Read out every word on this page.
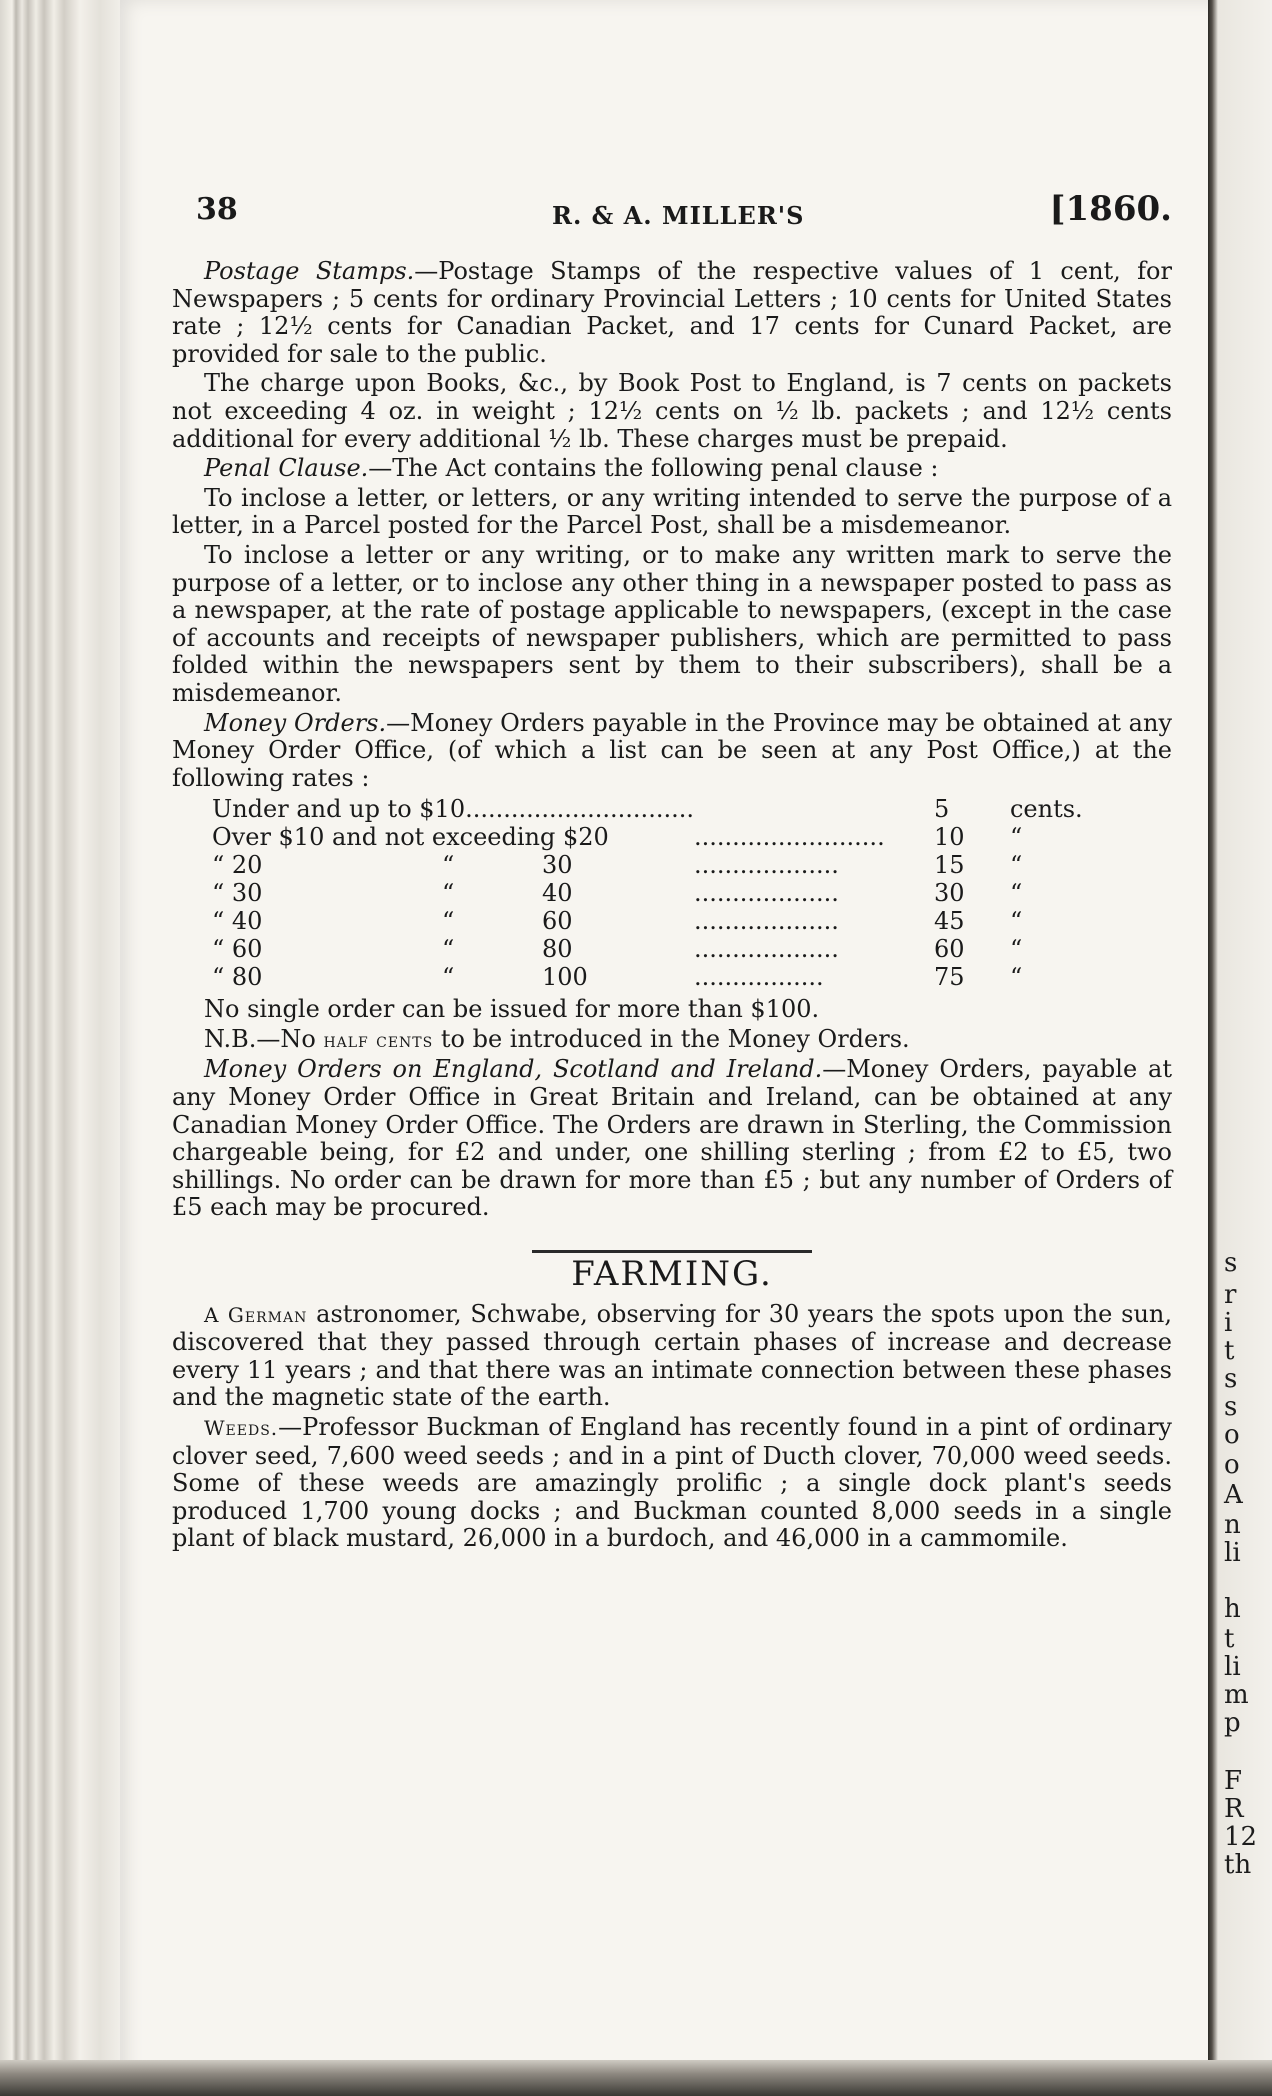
s
r
i
t
s
s
o
o
A
n
li
h
t
li
m
p
F
R
12
th
38	R. & A. MILLER'S	[1860.

Postage Stamps.—Postage Stamps of the respective values of 1 cent, for Newspapers ; 5 cents for ordinary Provincial Letters ; 10 cents for United States rate ; 12½ cents for Canadian Packet, and 17 cents for Cunard Packet, are provided for sale to the public.

The charge upon Books, &c., by Book Post to England, is 7 cents on packets not exceeding 4 oz. in weight ; 12½ cents on ½ lb. packets ; and 12½ cents additional for every additional ½ lb. These charges must be prepaid.

Penal Clause.—The Act contains the following penal clause :

To inclose a letter, or letters, or any writing intended to serve the purpose of a letter, in a Parcel posted for the Parcel Post, shall be a misdemeanor.

To inclose a letter or any writing, or to make any written mark to serve the purpose of a letter, or to inclose any other thing in a newspaper posted to pass as a newspaper, at the rate of postage applicable to newspapers, (except in the case of accounts and receipts of newspaper publishers, which are permitted to pass folded within the newspapers sent by them to their subscribers), shall be a misdemeanor.

Money Orders.—Money Orders payable in the Province may be obtained at any Money Order Office, (of which a list can be seen at any Post Office,) at the following rates :

Under and up to $10..............................		5	cents.
Over $10 and not exceeding $20	.........................	10	“
“ 20 “ 30	...................	15	“
“ 30 “ 40	...................	30	“
“ 40 “ 60	...................	45	“
“ 60 “ 80	...................	60	“
“ 80 “ 100	.................	75	“

No single order can be issued for more than $100.

N.B.—No half cents to be introduced in the Money Orders.

Money Orders on England, Scotland and Ireland.—Money Orders, payable at any Money Order Office in Great Britain and Ireland, can be obtained at any Canadian Money Order Office. The Orders are drawn in Sterling, the Commission chargeable being, for £2 and under, one shilling sterling ; from £2 to £5, two shillings. No order can be drawn for more than £5 ; but any number of Orders of £5 each may be procured.

FARMING.

A German astronomer, Schwabe, observing for 30 years the spots upon the sun, discovered that they passed through certain phases of increase and decrease every 11 years ; and that there was an intimate connection between these phases and the magnetic state of the earth.

Weeds.—Professor Buckman of England has recently found in a pint of ordinary clover seed, 7,600 weed seeds ; and in a pint of Ducth clover, 70,000 weed seeds. Some of these weeds are amazingly prolific ; a single dock plant's seeds produced 1,700 young docks ; and Buckman counted 8,000 seeds in a single plant of black mustard, 26,000 in a burdoch, and 46,000 in a cammomile.
